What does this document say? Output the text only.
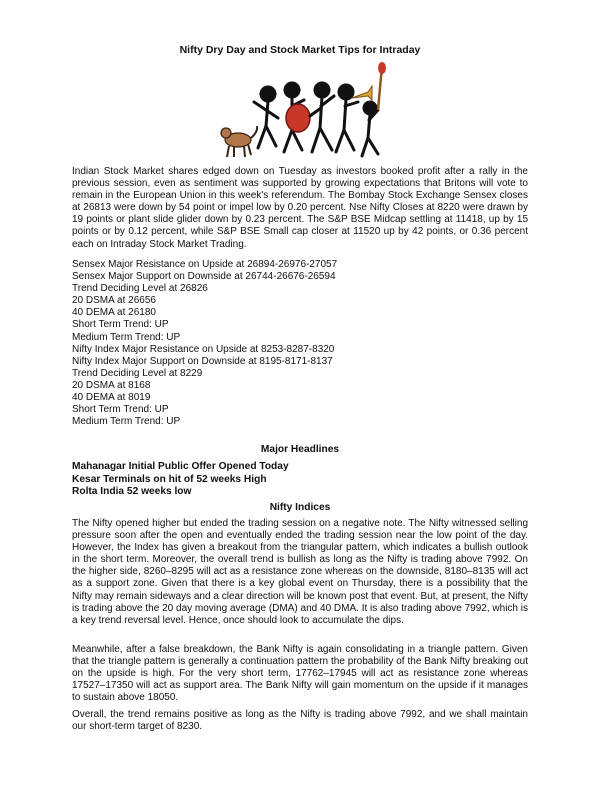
Nifty Dry Day and Stock Market Tips for Intraday

Indian Stock Market shares edged down on Tuesday as investors booked profit after a rally in the previous session, even as sentiment was supported by growing expectations that Britons will vote to remain in the European Union in this week's referendum. The Bombay Stock Exchange Sensex closes at 26813 were down by 54 point or impel low by 0.20 percent. Nse Nifty Closes at 8220 were drawn by 19 points or plant slide glider down by 0.23 percent. The S&P BSE Midcap settling at 11418, up by 15 points or by 0.12 percent, while S&P BSE Small cap closer at 11520 up by 42 points, or 0.36 percent each on Intraday Stock Market Trading.

Sensex Major Resistance on Upside at 26894-26976-27057
Sensex Major Support on Downside at 26744-26676-26594
Trend Deciding Level at 26826
20 DSMA at 26656
40 DEMA at 26180
Short Term Trend: UP
Medium Term Trend: UP
Nifty Index Major Resistance on Upside at 8253-8287-8320
Nifty Index Major Support on Downside at 8195-8171-8137
Trend Deciding Level at 8229
20 DSMA at 8168
40 DEMA at 8019
Short Term Trend: UP
Medium Term Trend: UP
Major Headlines
Mahanagar Initial Public Offer Opened Today
Kesar Terminals on hit of 52 weeks High
Rolta India 52 weeks low
Nifty Indices

The Nifty opened higher but ended the trading session on a negative note. The Nifty witnessed selling pressure soon after the open and eventually ended the trading session near the low point of the day. However, the Index has given a breakout from the triangular pattern, which indicates a bullish outlook in the short term. Moreover, the overall trend is bullish as long as the Nifty is trading above 7992. On the higher side, 8260–8295 will act as a resistance zone whereas on the downside, 8180–8135 will act as a support zone. Given that there is a key global event on Thursday, there is a possibility that the Nifty may remain sideways and a clear direction will be known post that event. But, at present, the Nifty is trading above the 20 day moving average (DMA) and 40 DMA. It is also trading above 7992, which is a key trend reversal level. Hence, once should look to accumulate the dips.

Meanwhile, after a false breakdown, the Bank Nifty is again consolidating in a triangle pattern. Given that the triangle pattern is generally a continuation pattern the probability of the Bank Nifty breaking out on the upside is high. For the very short term, 17762–17945 will act as resistance zone whereas 17527–17350 will act as support area. The Bank Nifty will gain momentum on the upside if it manages to sustain above 18050.

Overall, the trend remains positive as long as the Nifty is trading above 7992, and we shall maintain our short-term target of 8230.
